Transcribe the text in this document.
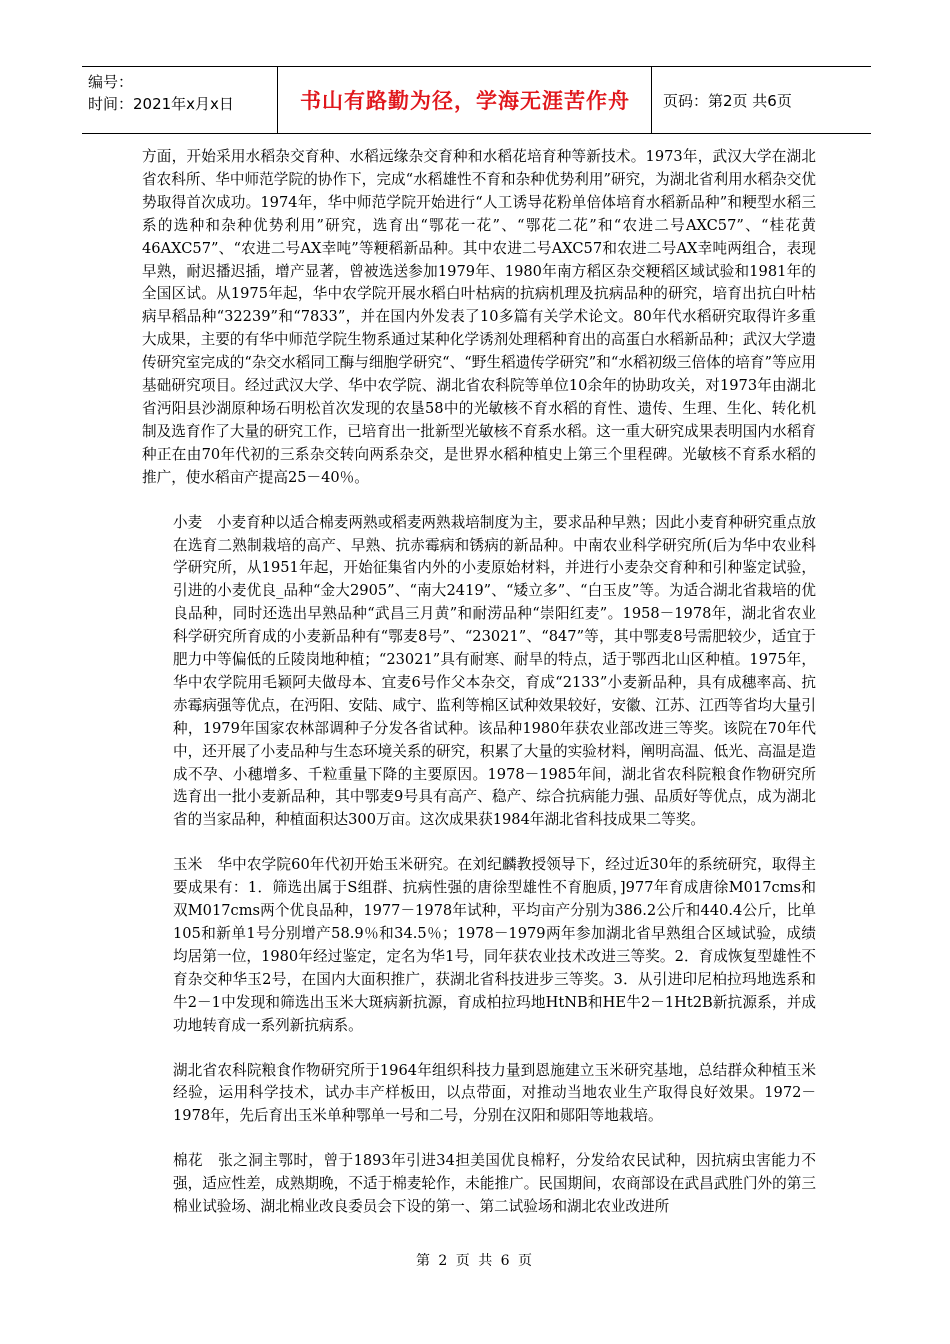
编号：
时间：2021年x月x日	书山有路勤为径，学海无涯苦作舟	页码：第2页 共6页

方面，开始采用水稻杂交育种、水稻远缘杂交育种和水稻花培育种等新技术。1973年，武汉大学在湖北省农科所、华中师范学院的协作下，完成“水稻雄性不育和杂种优势利用”研究，为湖北省利用水稻杂交优势取得首次成功。1974年，华中师范学院开始进行“人工诱导花粉单倍体培育水稻新品种”和粳型水稻三系的选种和杂种优势利用”研究，选育出“鄂花一花”、“鄂花二花”和“农进二号AXC57”、“桂花黄46AXC57”、“农进二号AX幸吨”等粳稻新品种。其中农进二号AXC57和农进二号AX幸吨两组合，表现早熟，耐迟播迟插，增产显著，曾被选送参加1979年、1980年南方稻区杂交粳稻区域试验和1981年的全国区试。从1975年起，华中农学院开展水稻白叶枯病的抗病机理及抗病品种的研究，培育出抗白叶枯病早稻品种“32239”和“7833”，并在国内外发表了10多篇有关学术论文。80年代水稻研究取得许多重大成果，主要的有华中师范学院生物系通过某种化学诱剂处理稻种育出的高蛋白水稻新品种；武汉大学遗传研究室完成的“杂交水稻同工酶与细胞学研究“、“野生稻遗传学研究”和“水稻初级三倍体的培育”等应用基础研究项目。经过武汉大学、华中农学院、湖北省农科院等单位10余年的协助攻关，对1973年由湖北省沔阳县沙湖原种场石明松首次发现的农垦58中的光敏核不育水稻的育性、遗传、生理、生化、转化机制及选育作了大量的研究工作，已培育出一批新型光敏核不育系水稻。这一重大研究成果表明国内水稻育种正在由70年代初的三系杂交转向两系杂交，是世界水稻种植史上第三个里程碑。光敏核不育系水稻的推广，使水稻亩产提高25－40％。

小麦　小麦育种以适合棉麦两熟或稻麦两熟栽培制度为主，要求品种早熟；因此小麦育种研究重点放在选育二熟制栽培的高产、早熟、抗赤霉病和锈病的新品种。中南农业科学研究所(后为华中农业科学研究所，从1951年起，开始征集省内外的小麦原始材料，并进行小麦杂交育种和引种鉴定试验，引进的小麦优良_品种“金大2905”、“南大2419”、“矮立多”、“白玉皮”等。为适合湖北省栽培的优良品种，同时还选出早熟品种“武昌三月黄”和耐涝品种“崇阳红麦”。1958－1978年，湖北省农业科学研究所育成的小麦新品种有“鄂麦8号”、“23021”、“847”等，其中鄂麦8号需肥较少，适宜于肥力中等偏低的丘陵岗地种植；“23021”具有耐寒、耐旱的特点，适于鄂西北山区种植。1975年，华中农学院用毛颖阿夫做母本、宜麦6号作父本杂交，育成“2133”小麦新品种，具有成穗率高、抗赤霉病强等优点，在沔阳、安陆、咸宁、监利等棉区试种效果较好，安徽、江苏、江西等省均大量引种，1979年国家农林部调种子分发各省试种。该品种1980年获农业部改进三等奖。该院在70年代中，还开展了小麦品种与生态环境关系的研究，积累了大量的实验材料，阐明高温、低光、高温是造成不孕、小穗增多、千粒重量下降的主要原因。1978－1985年间，湖北省农科院粮食作物研究所选育出一批小麦新品种，其中鄂麦9号具有高产、稳产、综合抗病能力强、品质好等优点，成为湖北省的当家品种，种植面积达300万亩。这次成果获1984年湖北省科技成果二等奖。

玉米　华中农学院60年代初开始玉米研究。在刘纪麟教授领导下，经过近30年的系统研究，取得主要成果有：1．筛选出属于S组群、抗病性强的唐徐型雄性不育胞质，]977年育成唐徐M017cms和双M017cms两个优良品种，1977－1978年试种，平均亩产分别为386.2公斤和440.4公斤，比单105和新单1号分别增产58.9％和34.5％；1978－1979两年参加湖北省早熟组合区域试验，成绩均居第一位，1980年经过鉴定，定名为华1号，同年获农业技术改进三等奖。2．育成恢复型雄性不育杂交种华玉2号，在国内大面积推广，获湖北省科技进步三等奖。3．从引进印尼柏拉玛地选系和牛2－1中发现和筛选出玉米大斑病新抗源，育成柏拉玛地HtNB和HE牛2－1Ht2B新抗源系，并成功地转育成一系列新抗病系。

湖北省农科院粮食作物研究所于1964年组织科技力量到恩施建立玉米研究基地，总结群众种植玉米经验，运用科学技术，试办丰产样板田，以点带面，对推动当地农业生产取得良好效果。1972－1978年，先后育出玉米单种鄂单一号和二号，分别在汉阳和郧阳等地栽培。

棉花　张之洞主鄂时，曾于1893年引进34担美国优良棉籽，分发给农民试种，因抗病虫害能力不强，适应性差，成熟期晚，不适于棉麦轮作，未能推广。民国期间，农商部设在武昌武胜门外的第三棉业试验场、湖北棉业改良委员会下设的第一、第二试验场和湖北农业改进所

第 2 页 共 6 页
